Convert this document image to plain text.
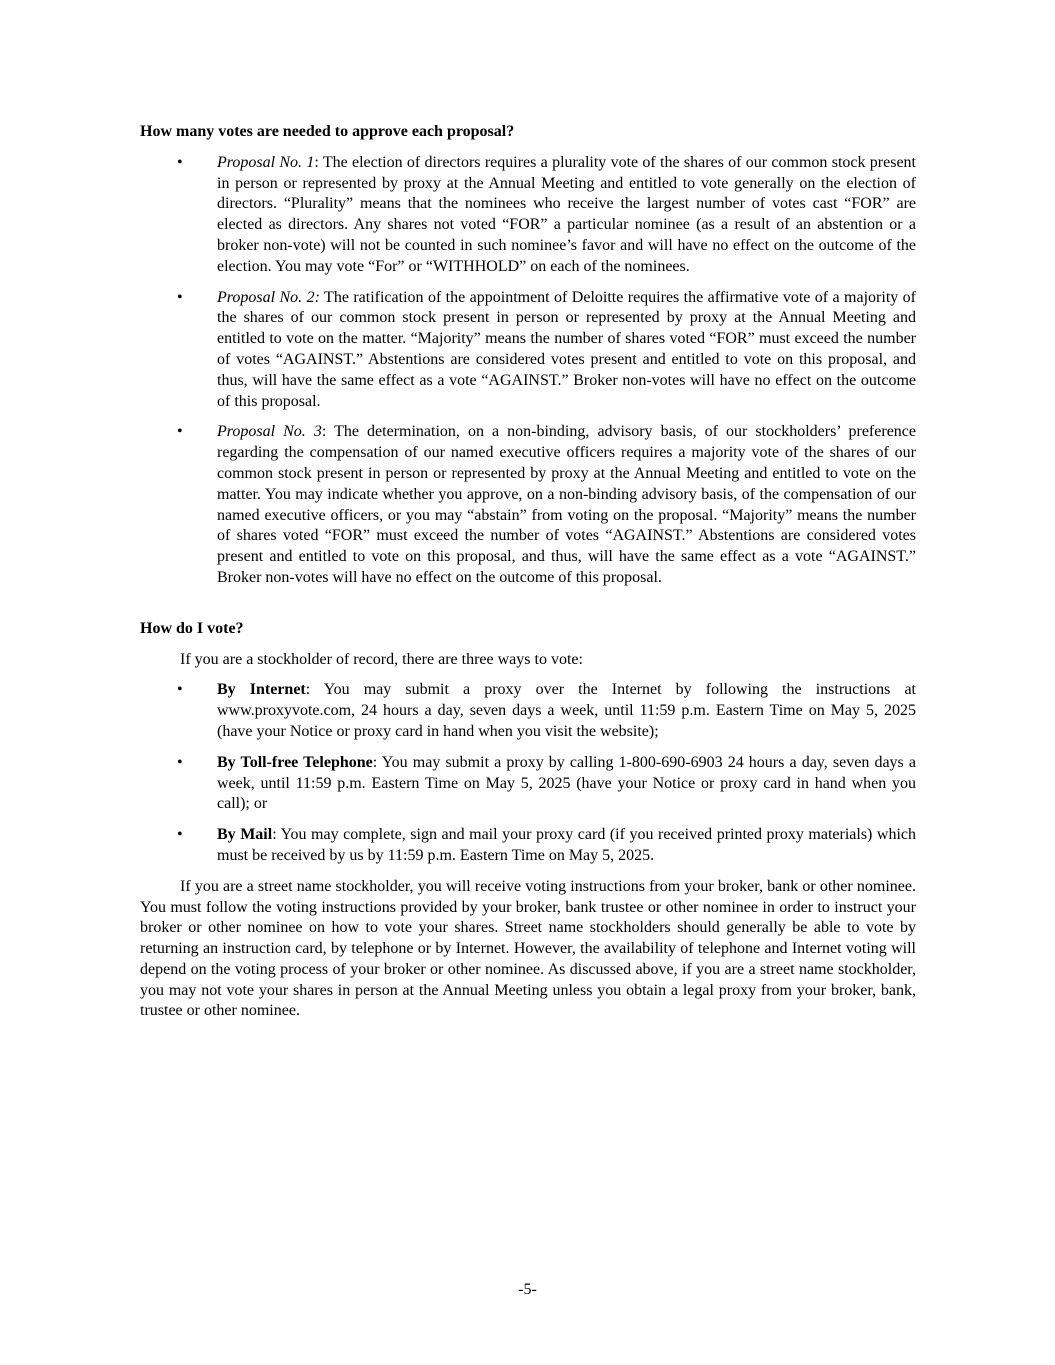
How many votes are needed to approve each proposal?
• Proposal No. 1: The election of directors requires a plurality vote of the shares of our common stock present in person or represented by proxy at the Annual Meeting and entitled to vote generally on the election of directors. “Plurality” means that the nominees who receive the largest number of votes cast “FOR” are elected as directors. Any shares not voted “FOR” a particular nominee (as a result of an abstention or a broker non-vote) will not be counted in such nominee’s favor and will have no effect on the outcome of the election. You may vote “For” or “WITHHOLD” on each of the nominees.
• Proposal No. 2: The ratification of the appointment of Deloitte requires the affirmative vote of a majority of the shares of our common stock present in person or represented by proxy at the Annual Meeting and entitled to vote on the matter. “Majority” means the number of shares voted “FOR” must exceed the number of votes “AGAINST.” Abstentions are considered votes present and entitled to vote on this proposal, and thus, will have the same effect as a vote “AGAINST.” Broker non-votes will have no effect on the outcome of this proposal.
• Proposal No. 3: The determination, on a non-binding, advisory basis, of our stockholders’ preference regarding the compensation of our named executive officers requires a majority vote of the shares of our common stock present in person or represented by proxy at the Annual Meeting and entitled to vote on the matter. You may indicate whether you approve, on a non-binding advisory basis, of the compensation of our named executive officers, or you may “abstain” from voting on the proposal. “Majority” means the number of shares voted “FOR” must exceed the number of votes “AGAINST.” Abstentions are considered votes present and entitled to vote on this proposal, and thus, will have the same effect as a vote “AGAINST.” Broker non-votes will have no effect on the outcome of this proposal.
How do I vote?

If you are a stockholder of record, there are three ways to vote:

• By Internet: You may submit a proxy over the Internet by following the instructions at www.proxyvote.com, 24 hours a day, seven days a week, until 11:59 p.m. Eastern Time on May 5, 2025 (have your Notice or proxy card in hand when you visit the website);
• By Toll-free Telephone: You may submit a proxy by calling 1-800-690-6903 24 hours a day, seven days a week, until 11:59 p.m. Eastern Time on May 5, 2025 (have your Notice or proxy card in hand when you call); or
• By Mail: You may complete, sign and mail your proxy card (if you received printed proxy materials) which must be received by us by 11:59 p.m. Eastern Time on May 5, 2025.

If you are a street name stockholder, you will receive voting instructions from your broker, bank or other nominee. You must follow the voting instructions provided by your broker, bank trustee or other nominee in order to instruct your broker or other nominee on how to vote your shares. Street name stockholders should generally be able to vote by returning an instruction card, by telephone or by Internet. However, the availability of telephone and Internet voting will depend on the voting process of your broker or other nominee. As discussed above, if you are a street name stockholder, you may not vote your shares in person at the Annual Meeting unless you obtain a legal proxy from your broker, bank, trustee or other nominee.

-5-
